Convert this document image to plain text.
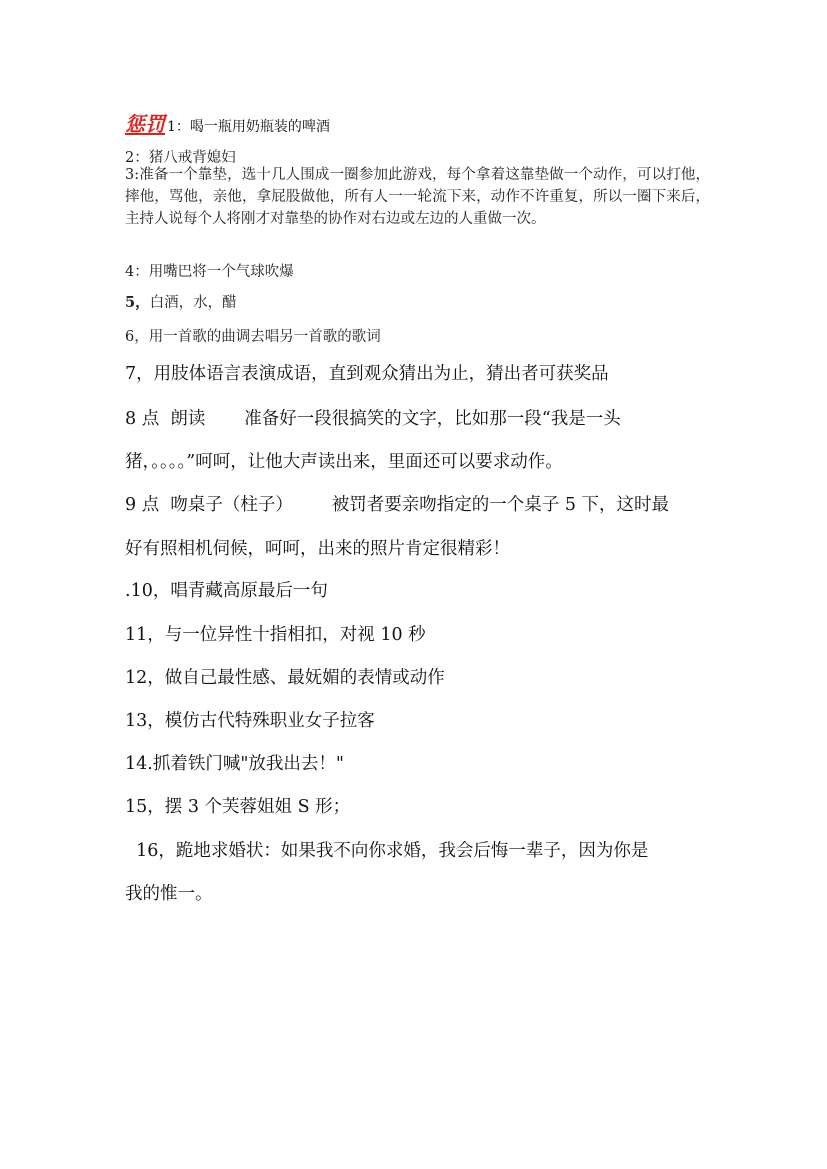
惩罚 1：喝一瓶用奶瓶装的啤酒
2：猪八戒背媳妇
3:准备一个靠垫，选十几人围成一圈参加此游戏，每个拿着这靠垫做一个动作，可以打他，摔他，骂他，亲他，拿屁股做他，所有人一一轮流下来，动作不许重复，所以一圈下来后，主持人说每个人将刚才对靠垫的协作对右边或左边的人重做一次。
4：用嘴巴将一个气球吹爆
5，白酒，水，醋
6，用一首歌的曲调去唱另一首歌的歌词
7，用肢体语言表演成语，直到观众猜出为止，猜出者可获奖品
8 点  朗读       准备好一段很搞笑的文字，比如那一段“我是一头
猪，。。。。”呵呵，让他大声读出来，里面还可以要求动作。
9 点  吻桌子（柱子）       被罚者要亲吻指定的一个桌子 5 下，这时最
好有照相机伺候，呵呵，出来的照片肯定很精彩！
.10，唱青藏高原最后一句
11，与一位异性十指相扣，对视 10 秒
12，做自己最性感、最妩媚的表情或动作
13，模仿古代特殊职业女子拉客
14.抓着铁门喊"放我出去！"
15，摆 3 个芙蓉姐姐 S 形；
16，跪地求婚状：如果我不向你求婚，我会后悔一辈子，因为你是
我的惟一。
